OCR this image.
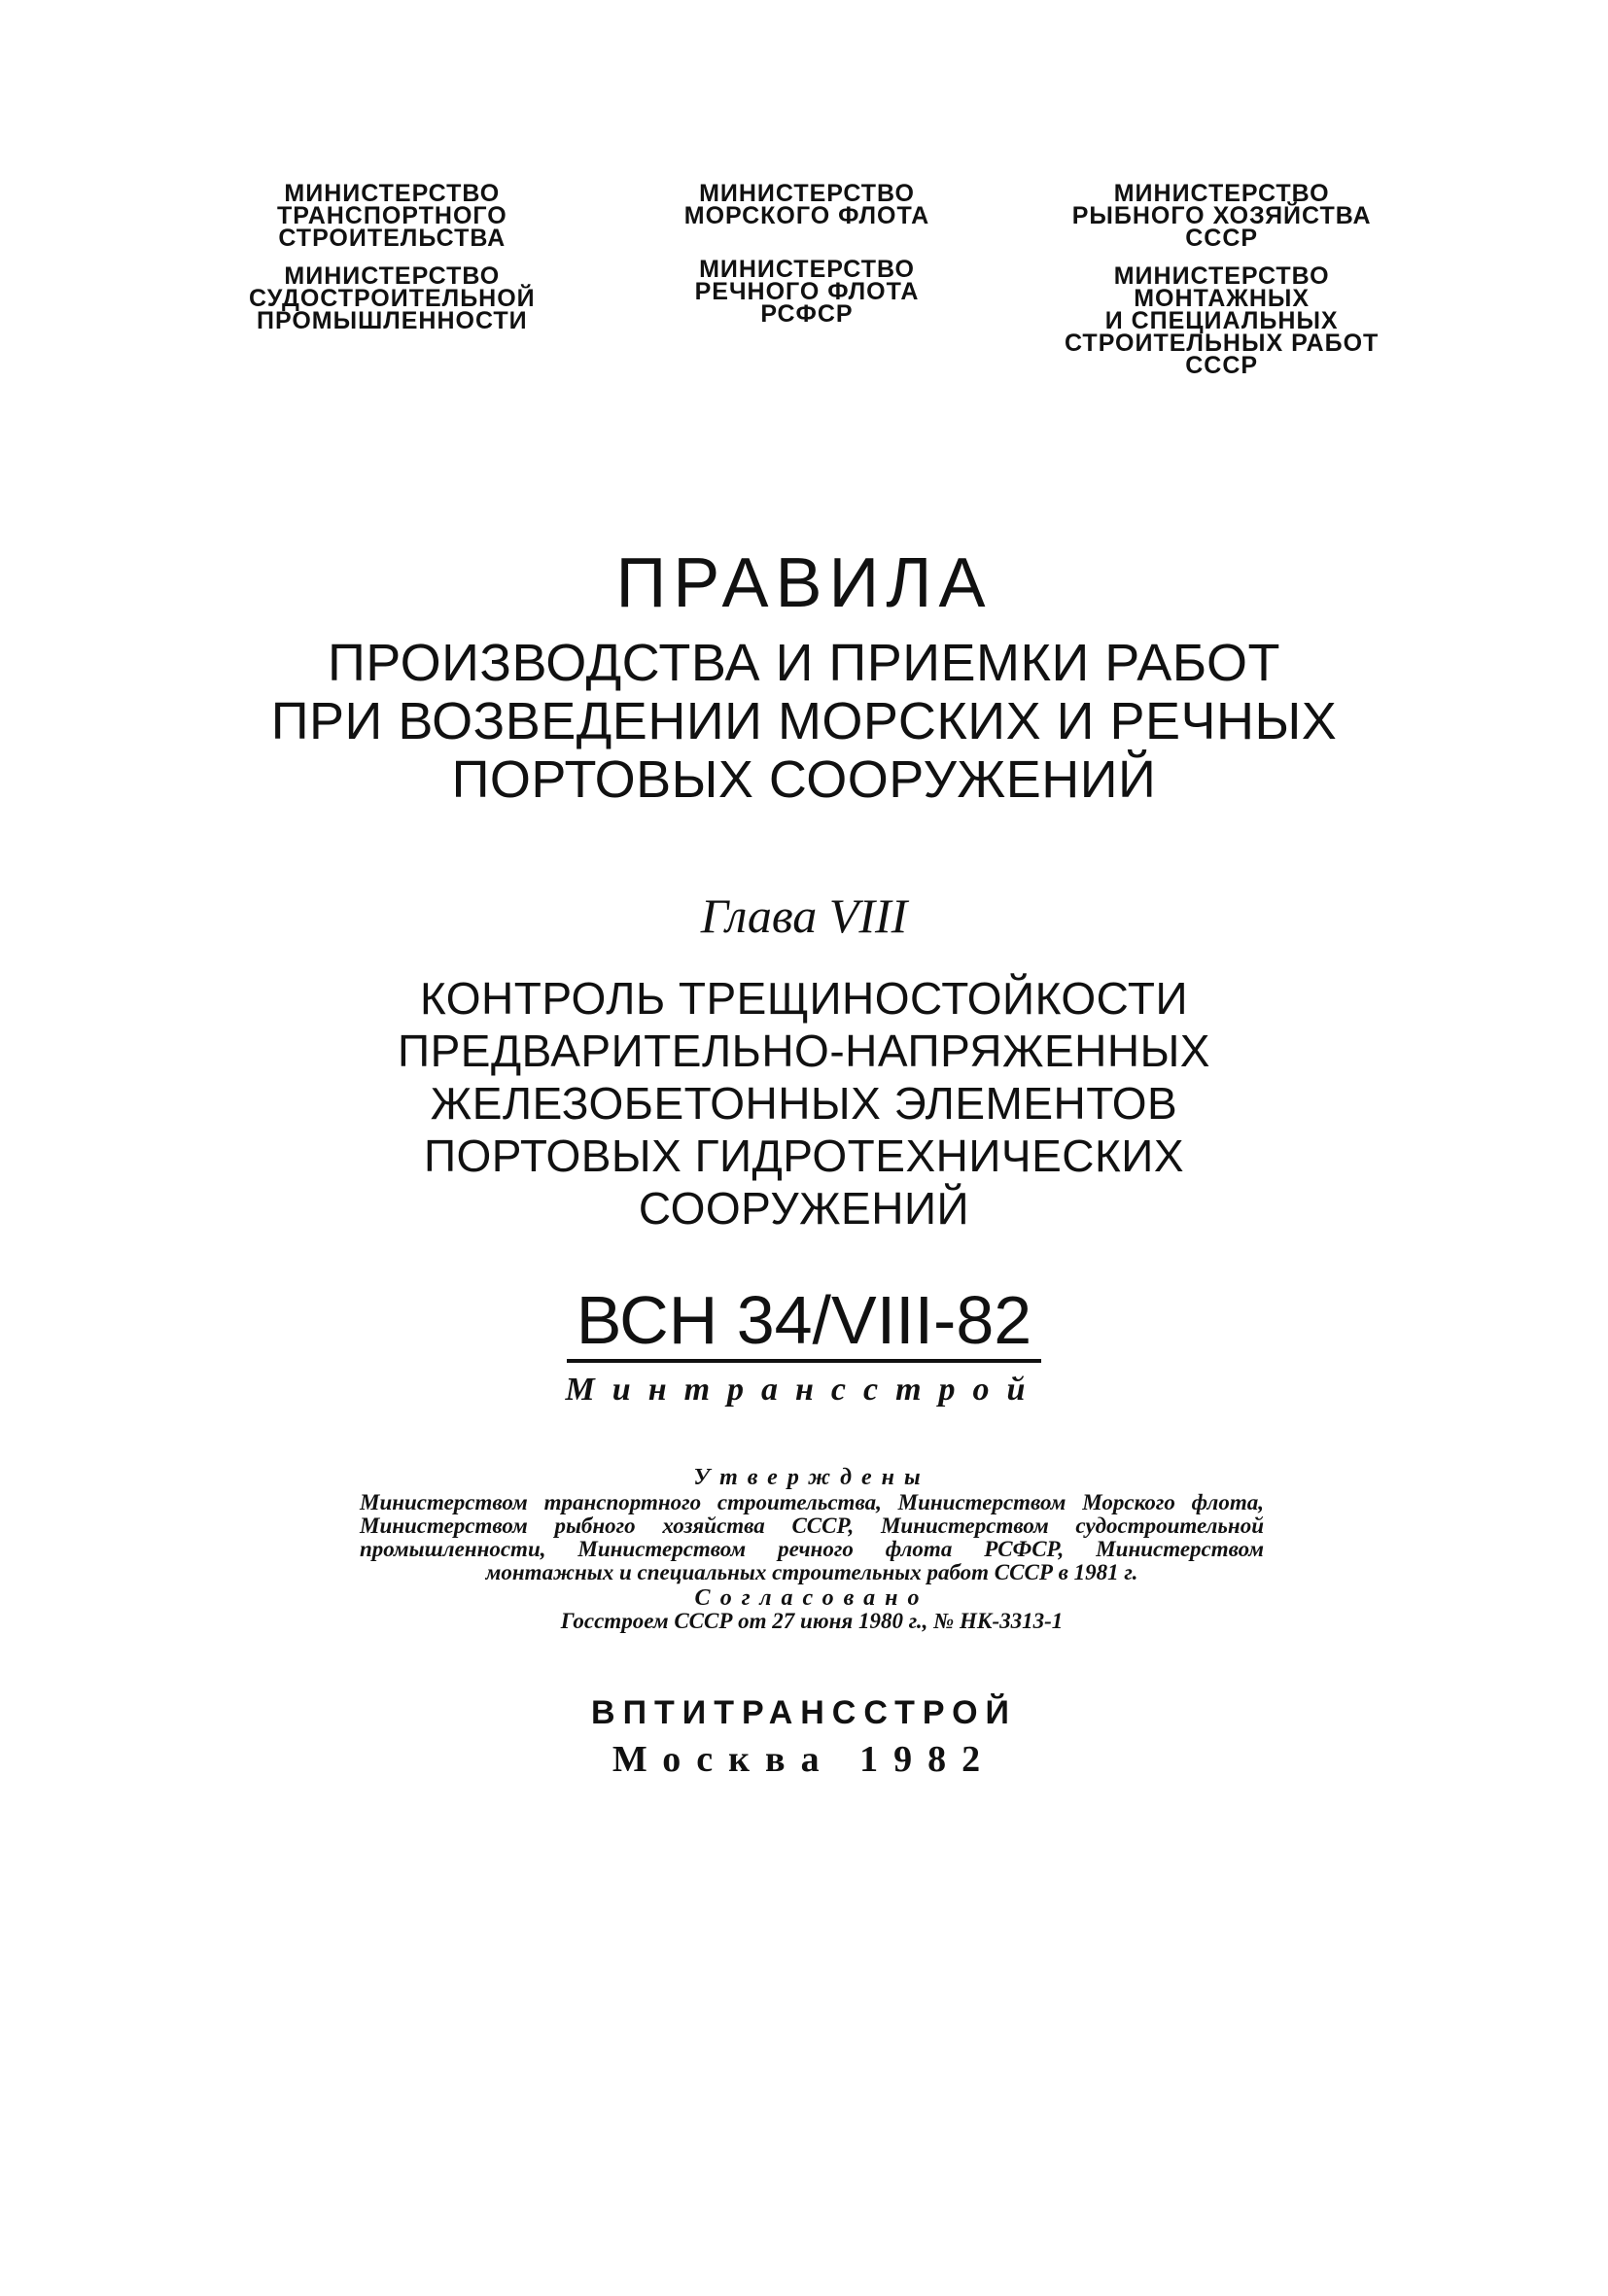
МИНИСТЕРСТВО
ТРАНСПОРТНОГО
СТРОИТЕЛЬСТВА
МИНИСТЕРСТВО
СУДОСТРОИТЕЛЬНОЙ
ПРОМЫШЛЕННОСТИ
МИНИСТЕРСТВО
МОРСКОГО ФЛОТА
МИНИСТЕРСТВО
РЕЧНОГО ФЛОТА
РСФСР
МИНИСТЕРСТВО
РЫБНОГО ХОЗЯЙСТВА
СССР
МИНИСТЕРСТВО
МОНТАЖНЫХ
И СПЕЦИАЛЬНЫХ
СТРОИТЕЛЬНЫХ РАБОТ
СССР
ПРАВИЛА
ПРОИЗВОДСТВА И ПРИЕМКИ РАБОТ
ПРИ ВОЗВЕДЕНИИ МОРСКИХ И РЕЧНЫХ
ПОРТОВЫХ СООРУЖЕНИЙ
Глава VIII
КОНТРОЛЬ ТРЕЩИНОСТОЙКОСТИ
ПРЕДВАРИТЕЛЬНО-НАПРЯЖЕННЫХ
ЖЕЛЕЗОБЕТОННЫХ ЭЛЕМЕНТОВ
ПОРТОВЫХ ГИДРОТЕХНИЧЕСКИХ
СООРУЖЕНИЙ
ВСН 34/VIII-82
Минтрансстрой
Утверждены
Министерством транспортного строительства, Министерством Морского флота, Министерством рыбного хозяйства СССР, Министерством судостроительной промышленности, Министерством речного флота РСФСР, Министерством монтажных и специальных строительных работ СССР в 1981 г.
Согласовано
Госстроем СССР от 27 июня 1980 г., № НК-3313-1
ВПТИТРАНССТРОЙ
Москва 1982
